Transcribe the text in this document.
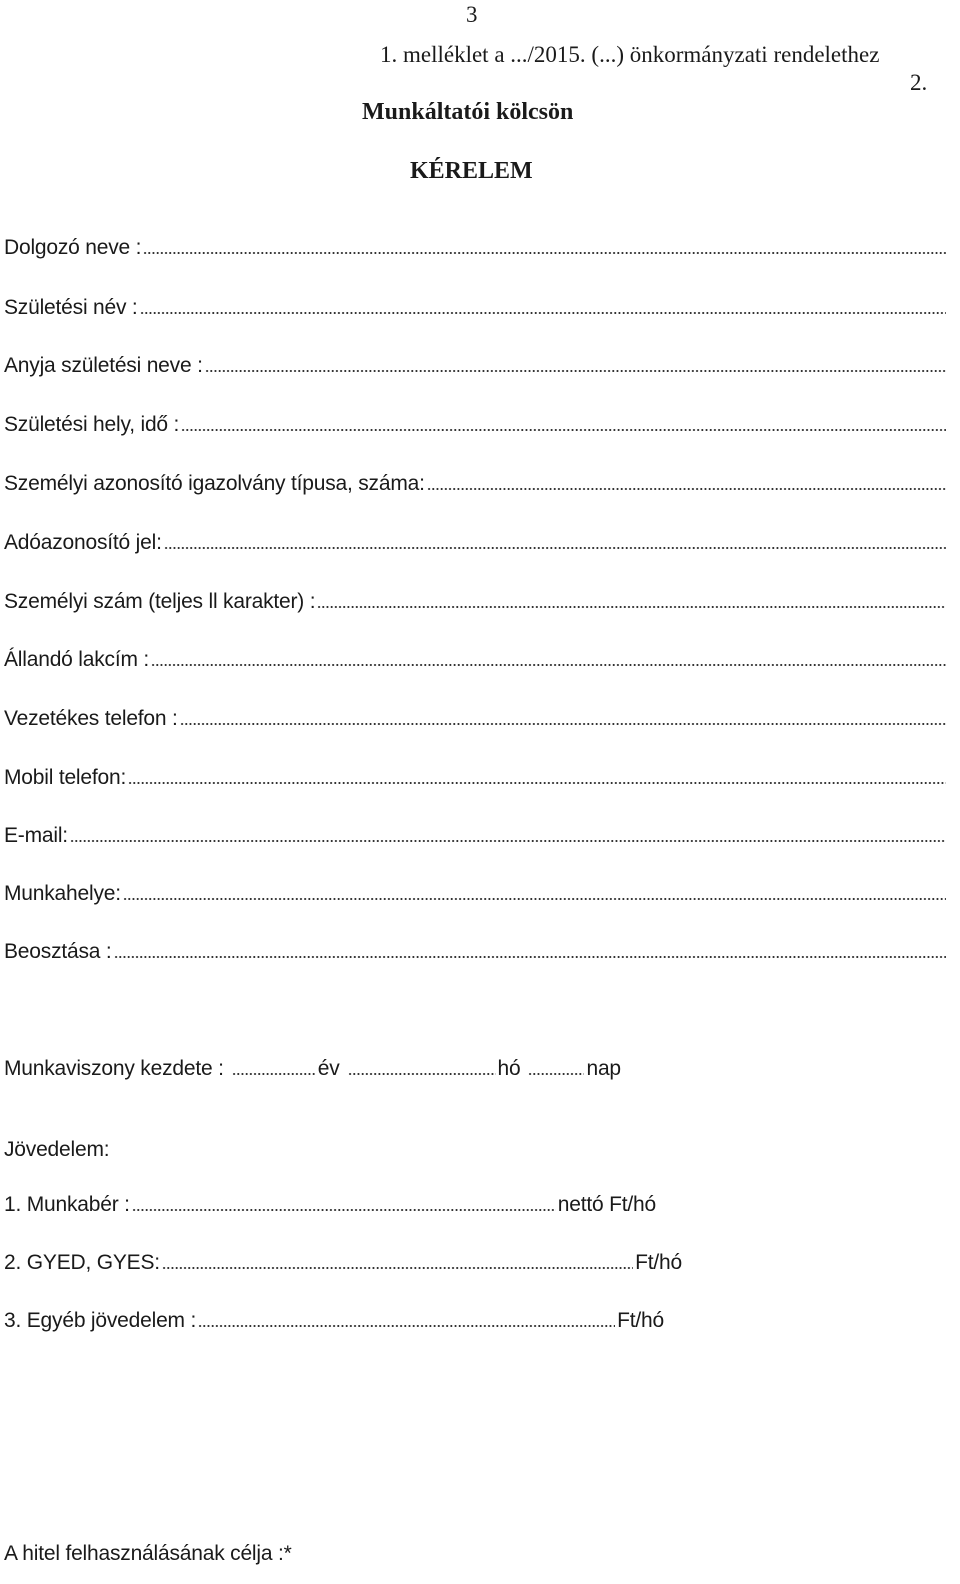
3
1. melléklet a .../2015. (...) önkormányzati rendelethez
2.
Munkáltatói kölcsön
KÉRELEM
Dolgozó neve :
Születési név :
Anyja születési neve :
Születési hely, idő :
Személyi azonosító igazolvány típusa, száma:
Adóazonosító jel:
Személyi szám (teljes ll karakter) :
Állandó lakcím :
Vezetékes telefon :
Mobil telefon:
E-mail:
Munkahelye:
Beosztása :
Munkaviszony kezdete :	év	hó	nap
Jövedelem:
1. Munkabér :	nettó Ft/hó
2. GYED, GYES:	Ft/hó
3. Egyéb jövedelem :	Ft/hó
A hitel felhasználásának célja :*
